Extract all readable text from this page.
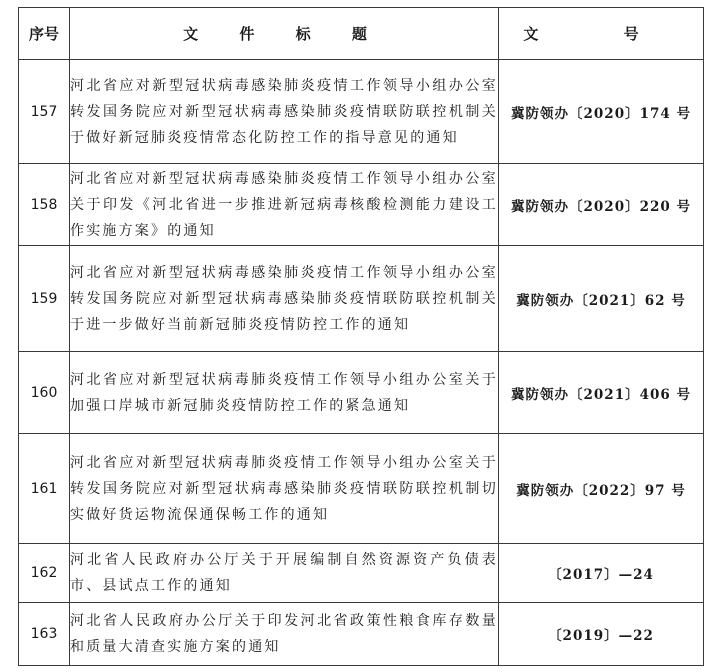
序号	文 件 标 题	文 号
157	河北省应对新型冠状病毒感染肺炎疫情工作领导小组办公室转发国务院应对新型冠状病毒感染肺炎疫情联防联控机制关于做好新冠肺炎疫情常态化防控工作的指导意见的通知	冀防领办〔2020〕174 号
158	河北省应对新型冠状病毒感染肺炎疫情工作领导小组办公室关于印发《河北省进一步推进新冠病毒核酸检测能力建设工作实施方案》的通知	冀防领办〔2020〕220 号
159	河北省应对新型冠状病毒感染肺炎疫情工作领导小组办公室转发国务院应对新型冠状病毒感染肺炎疫情联防联控机制关于进一步做好当前新冠肺炎疫情防控工作的通知	冀防领办〔2021〕62 号
160	河北省应对新型冠状病毒肺炎疫情工作领导小组办公室关于加强口岸城市新冠肺炎疫情防控工作的紧急通知	冀防领办〔2021〕406 号
161	河北省应对新型冠状病毒肺炎疫情工作领导小组办公室关于转发国务院应对新型冠状病毒感染肺炎疫情联防联控机制切实做好货运物流保通保畅工作的通知	冀防领办〔2022〕97 号
162	河北省人民政府办公厅关于开展编制自然资源资产负债表市、县试点工作的通知	〔2017〕—24
163	河北省人民政府办公厅关于印发河北省政策性粮食库存数量和质量大清查实施方案的通知	〔2019〕—22
